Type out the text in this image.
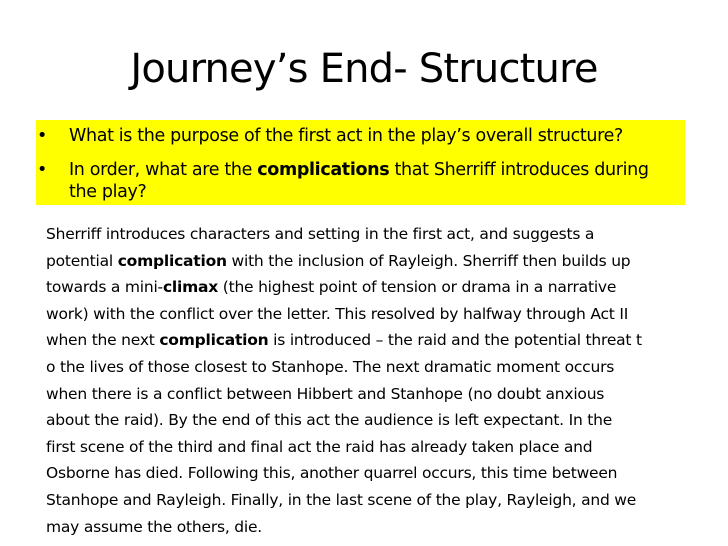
Journey’s End- Structure
•	What is the purpose of the first act in the play’s overall structure?
•	In order, what are the complications that Sherriff introduces during
the play?
Sherriff introduces characters and setting in the first act, and suggests a
potential complication with the inclusion of Rayleigh. Sherriff then builds up
towards a mini-climax (the highest point of tension or drama in a narrative
work) with the conflict over the letter. This resolved by halfway through Act II
when the next complication is introduced – the raid and the potential threat t
o the lives of those closest to Stanhope. The next dramatic moment occurs
when there is a conflict between Hibbert and Stanhope (no doubt anxious
about the raid). By the end of this act the audience is left expectant. In the
first scene of the third and final act the raid has already taken place and
Osborne has died. Following this, another quarrel occurs, this time between
Stanhope and Rayleigh. Finally, in the last scene of the play, Rayleigh, and we
may assume the others, die.
